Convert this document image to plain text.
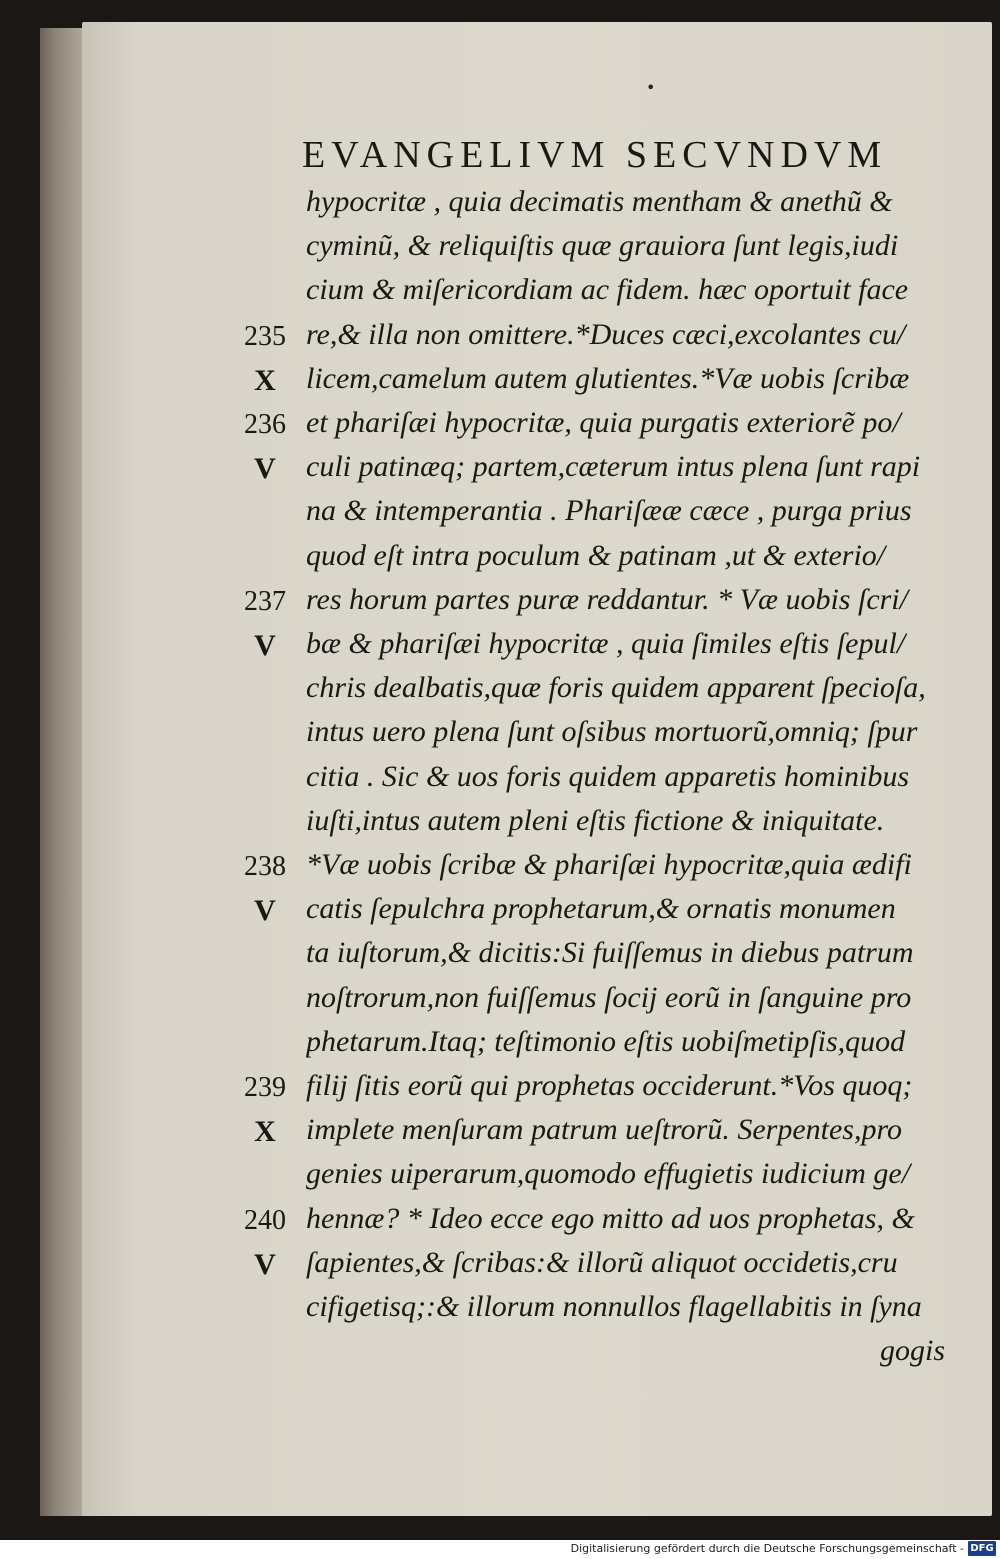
•
EVANGELIVM SECVNDVM
hypocritæ , quia decimatis mentham & anethũ &
cyminũ, & reliquiſtis quæ grauiora ſunt legis,iudi
cium & miſericordiam ac fidem. hæc oportuit face
re,& illa non omittere.*Duces cæci,excolantes cu/
licem,camelum autem glutientes.*Væ uobis ſcribæ
et phariſæi hypocritæ, quia purgatis exteriorẽ po/
culi patinæq; partem,cæterum intus plena ſunt rapi
na & intemperantia . Phariſææ cæce , purga prius
quod eſt intra poculum & patinam ,ut & exterio/
res horum partes puræ reddantur. * Væ uobis ſcri/
bæ & phariſæi hypocritæ , quia ſimiles eſtis ſepul/
chris dealbatis,quæ foris quidem apparent ſpecioſa,
intus uero plena ſunt oſsibus mortuorũ,omniq; ſpur
citia . Sic & uos foris quidem apparetis hominibus
iuſti,intus autem pleni eſtis fictione & iniquitate.
*Væ uobis ſcribæ & phariſæi hypocritæ,quia ædifi
catis ſepulchra prophetarum,& ornatis monumen
ta iuſtorum,& dicitis:Si fuiſſemus in diebus patrum
noſtrorum,non fuiſſemus ſocij eorũ in ſanguine pro
phetarum.Itaq; teſtimonio eſtis uobiſmetipſis,quod
filij ſitis eorũ qui prophetas occiderunt.*Vos quoq;
implete menſuram patrum ueſtrorũ. Serpentes,pro
genies uiperarum,quomodo effugietis iudicium ge/
hennæ? * Ideo ecce ego mitto ad uos prophetas, &
ſapientes,& ſcribas:& illorũ aliquot occidetis,cru
cifigetisq;:& illorum nonnullos flagellabitis in ſyna
gogis
235
X
236
V
237
V
238
V
239
X
240
V
Digitalisierung gefördert durch die Deutsche Forschungsgemeinschaft - DFG
